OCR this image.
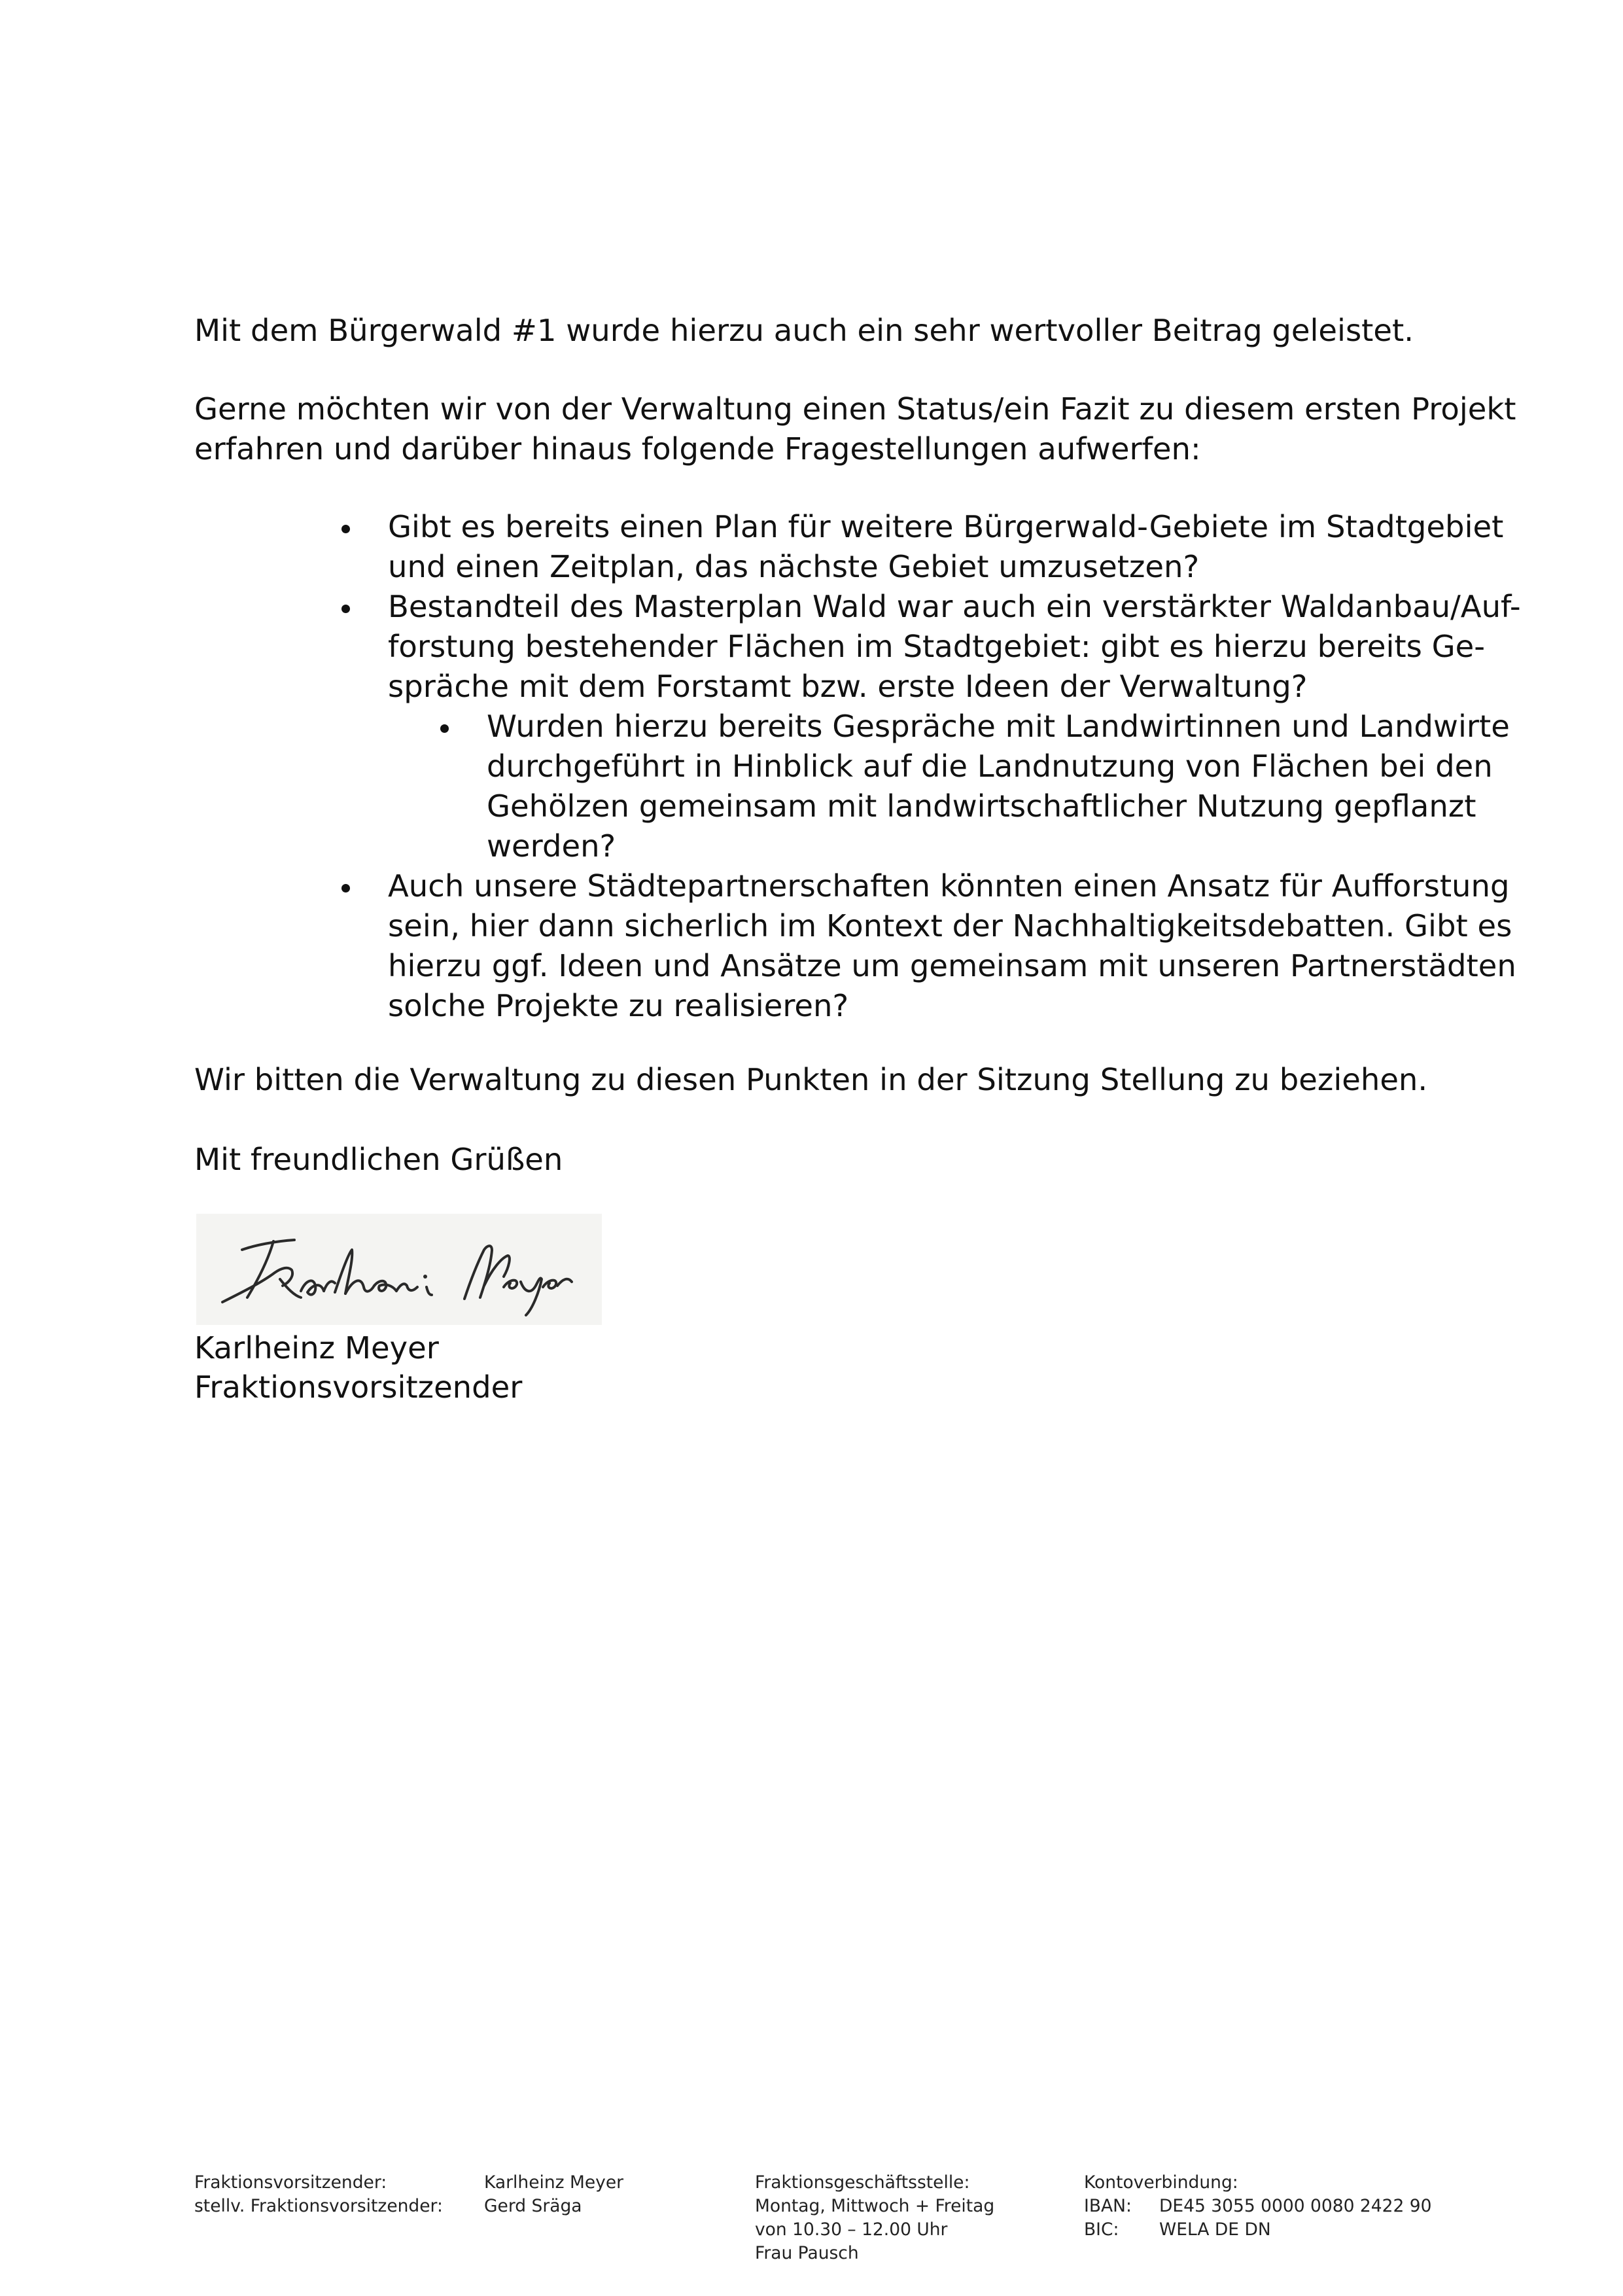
Mit dem Bürgerwald #1 wurde hierzu auch ein sehr wertvoller Beitrag geleistet.
Gerne möchten wir von der Verwaltung einen Status/ein Fazit zu diesem ersten Projekt
erfahren und darüber hinaus folgende Fragestellungen aufwerfen:
Gibt es bereits einen Plan für weitere Bürgerwald-Gebiete im Stadtgebiet
und einen Zeitplan, das nächste Gebiet umzusetzen?
Bestandteil des Masterplan Wald war auch ein verstärkter Waldanbau/Auf-
forstung bestehender Flächen im Stadtgebiet: gibt es hierzu bereits Ge-
spräche mit dem Forstamt bzw. erste Ideen der Verwaltung?
Wurden hierzu bereits Gespräche mit Landwirtinnen und Landwirte
durchgeführt in Hinblick auf die Landnutzung von Flächen bei den
Gehölzen gemeinsam mit landwirtschaftlicher Nutzung gepflanzt
werden?
Auch unsere Städtepartnerschaften könnten einen Ansatz für Aufforstung
sein, hier dann sicherlich im Kontext der Nachhaltigkeitsdebatten. Gibt es
hierzu ggf. Ideen und Ansätze um gemeinsam mit unseren Partnerstädten
solche Projekte zu realisieren?
Wir bitten die Verwaltung zu diesen Punkten in der Sitzung Stellung zu beziehen.
Mit freundlichen Grüßen
Karlheinz Meyer
Fraktionsvorsitzender
Fraktionsvorsitzender:
stellv. Fraktionsvorsitzender:
Karlheinz Meyer
Gerd Sräga
Fraktionsgeschäftsstelle:
Montag, Mittwoch + Freitag
von 10.30 – 12.00 Uhr
Frau Pausch
Kontoverbindung:
IBAN:
BIC:
DE45 3055 0000 0080 2422 90
WELA DE DN
